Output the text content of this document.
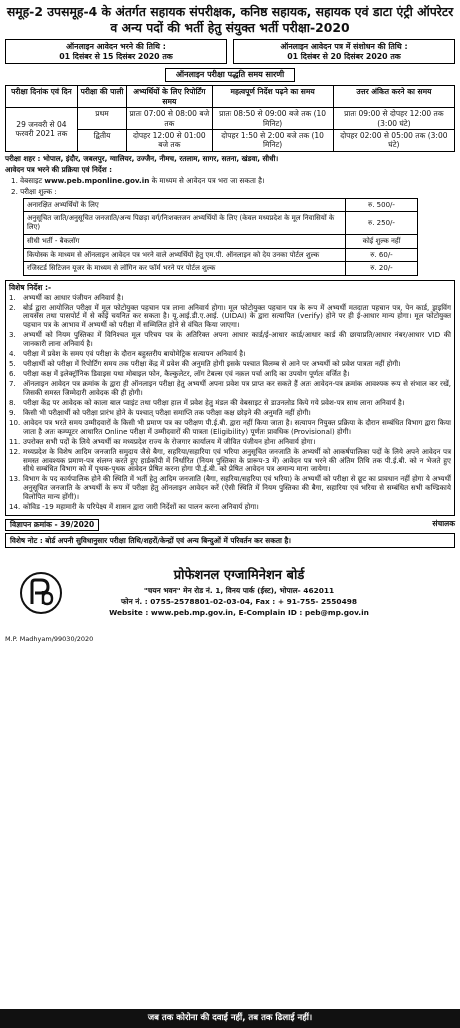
समूह-2 उपसमूह-4 के अंतर्गत सहायक संपरीक्षक, कनिष्ठ सहायक, सहायक एवं डाटा एंट्री ऑपरेटर व अन्य पदों की भर्ती हेतु संयुक्त भर्ती परीक्षा-2020
ऑनलाइन आवेदन भरने की तिथि :
01 दिसंबर से 15 दिसंबर 2020 तक
ऑनलाइन आवेदन पत्र में संशोधन की तिथि :
01 दिसंबर से 20 दिसंबर 2020 तक
ऑनलाइन परीक्षा पद्धति समय सारणी
परीक्षा दिनांक एवं दिन	परीक्षा की पाली	अभ्यर्थियों के लिए रिपोर्टिंग समय	महत्वपूर्ण निर्देश पढ़ने का समय	उत्तर अंकित करने का समय
29 जनवरी से 04 फरवरी 2021 तक	प्रथम	प्रातः 07:00 से 08:00 बजे तक	प्रातः 08:50 से 09:00 बजे तक (10 मिनिट)	प्रातः 09:00 से दोपहर 12:00 तक (3:00 घंटे)
	द्वितीय	दोपहर 12:00 से 01:00 बजे तक	दोपहर 1:50 से 2:00 बजे तक (10 मिनिट)	दोपहर 02:00 से 05:00 तक (3:00 घंटे)
परीक्षा शहर : भोपाल, इंदौर, जबलपुर, ग्वालियर, उज्जैन, नीमच, रतलाम, सागर, सतना, खंडवा, सीधी।
आवेदन पत्र भरने की प्रक्रिया एवं निर्देश :
1. वेबसाइट www.peb.mponline.gov.in के माध्यम से आवेदन पत्र भरा जा सकता है।
2. परीक्षा शुल्क :
अनारक्षित अभ्यर्थियों के लिए	रु. 500/-
अनुसूचित जाति/अनुसूचित जनजाति/अन्य पिछड़ा वर्ग/निःशक्तजन अभ्यर्थियों के लिए (केवल मध्यप्रदेश के मूल निवासियों के लिए)	रु. 250/-
सीधी भर्ती - बैकलॉग	कोई शुल्क नहीं
कियोस्क के माध्यम से ऑनलाइन आवेदन पत्र भरने वाले अभ्यर्थियों हेतु एम.पी. ऑनलाइन को देय उनका पोर्टल शुल्क	रु. 60/-
रजिस्टर्ड सिटिजन यूजर के माध्यम से लॉगिन कर फॉर्म भरने पर पोर्टल शुल्क	रु. 20/-
विशेष निर्देश :-
1.	अभ्यर्थी का आधार पंजीयन अनिवार्य है।
2.	बोर्ड द्वारा आयोजित परीक्षा में मूल फोटोयुक्त पहचान पत्र लाना अनिवार्य होगा। मूल फोटोयुक्त पहचान पत्र के रूप में अभ्यर्थी मतदाता पहचान पत्र, पेन कार्ड, ड्राइविंग लायसेंस तथा पासपोर्ट में से कोई चयनित कर सकता है। यू.आई.डी.ए.आई. (UIDAI) के द्वारा सत्यापित (verify) होने पर ही ई-आधार मान्य होगा। मूल फोटोयुक्त पहचान पत्र के आभाव में अभ्यर्थी को परीक्षा में सम्मिलित होने से वंचित किया जाएगा।
3.	अभ्यर्थी को नियम पुस्तिका में विनिश्चत मूल परिचय पत्र के अतिरिक्त अपना आधार कार्ड/ई-आधार कार्ड/आधार कार्ड की छायाप्रति/आधार नंबर/आधार VID की जानकारी लाना अनिवार्य है।
4.	परीक्षा में प्रवेश के समय एवं परीक्षा के दौरान बहुस्तरीय बायोमेट्रिक सत्यापन अनिवार्य है।
5.	परीक्षार्थी को परीक्षा में रिपोर्टिंग समय तक परीक्षा केंद्र में प्रवेश की अनुमति होगी इसके पश्चात विलम्ब से आने पर अभ्यर्थी को प्रवेश पात्रता नहीं होगी।
6.	परीक्षा कक्ष में इलेक्ट्रॉनिक डिवाइस यथा मोबाइल फोन, कैल्कुलेटर, लॉग टेबल्स एवं नक़ल पर्चा आदि का उपयोग पूर्णतः वर्जित है।
7.	ऑनलाइन आवेदन पत्र क्रमांक के द्वारा ही ऑनलाइन परीक्षा हेतु अभ्यर्थी अपना प्रवेश पत्र प्राप्त कर सकते हैं अतः आवेदन-पत्र क्रमांक आवश्यक रूप से संभाल कर रखें, जिसकी समस्त जिम्मेदारी आवेदक की ही होगी।
8.	परीक्षा केंद्र पर आवेदक को काला बाल प्वाइंट तथा परीक्षा हाल में प्रवेश हेतु मंडल की वेबसाइट से डाउनलोड किये गये प्रवेश-पत्र साथ लाना अनिवार्य है।
9.	किसी भी परीक्षार्थी को परीक्षा प्रारंभ होने के पश्चात् परीक्षा समाप्ति तक परीक्षा कक्ष छोड़ने की अनुमति नहीं होगी।
10. आवेदन पत्र भरते समय उम्मीदवारों के किसी भी प्रमाण पत्र का परीक्षण पी.ई.बी. द्वारा नहीं किया जाता है। सत्यापन नियुक्त प्रक्रिया के दौरान सम्बंधित विभाग द्वारा किया जाता है अतः कम्प्यूटर आधारित Online परीक्षा में उम्मीदवारों की पात्रता (Eligibility) पूर्णतः प्रावधिक (Provisional) होगी।
11. उपरोक्त सभी पदों के लिये अभ्यर्थी का मध्यप्रदेश राज्य के रोजगार कार्यालय में जीवित पंजीयन होना अनिवार्य होगा।
12. मध्यप्रदेश के विशेष आदिम जनजाति समुदाय जैसे बैगा, सहरिया/सहारिया एवं भरिया अनुसूचित जनजाति के अभ्यर्थी को आकर्षपालिका पदों के लिये अपने आवेदन पत्र समस्त आवश्यक प्रमाण-पत्र संलग्न करते हुए हार्डकॉपी में निर्धारित (नियम पुस्तिका के प्रारूप-3 में) आवेदन पत्र भरने की अंतिम तिथि तक पी.ई.बी. को न भेजते हुए सीधे सम्बंधित विभाग को में पृथक-पृथक आवेदन प्रेषित करना होगा पी.ई.बी. को प्रेषित आवेदन पत्र अमान्य माना जायेगा।
13. विभाग के पद कार्यपालिक होने की स्थिति में भर्ती हेतु आदिम जनजाति (बैगा, सहरिया/सहरिया एवं भरिया) के अभ्यर्थी को परीक्षा से छूट का प्रावधान नहीं होगा ये अभ्यर्थी अनुसूचित जनजाति के अभ्यर्थी के रूप में परीक्षा हेतु ऑनलाइन आवेदन करें (ऐसी स्थिति में नियम पुस्तिका की बैगा, सहारिया एवं भरिया से सम्बंधित सभी कण्डिकाये विलोपित मान्य होंगी)।
14. कोविड -19 महामारी के परिपेक्ष्य में शासन द्वारा जारी निर्देशों का पालन करना अनिवार्य होगा।
विज्ञापन क्रमांक - 39/2020	संचालक
विशेष नोट : बोर्ड अपनी सुविधानुसार परीक्षा तिथि/शहरों/केन्द्रों एवं अन्य बिन्दुओं में परिवर्तन कर सकता है।
प्रोफेशनल एग्जामिनेशन बोर्ड
"चयन भवन" मेन रोड नं. 1, विनय पार्क (ईस्ट), भोपाल- 462011
फोन नं. : 0755-2578801-02-03-04, Fax : + 91-755- 2550498
Website : www.peb.mp.gov.in, E-Complain ID : peb@mp.gov.in
M.P. Madhyam/99030/2020
जब तक कोरोना की दवाई नहीं, तब तक ढिलाई नहीं।
